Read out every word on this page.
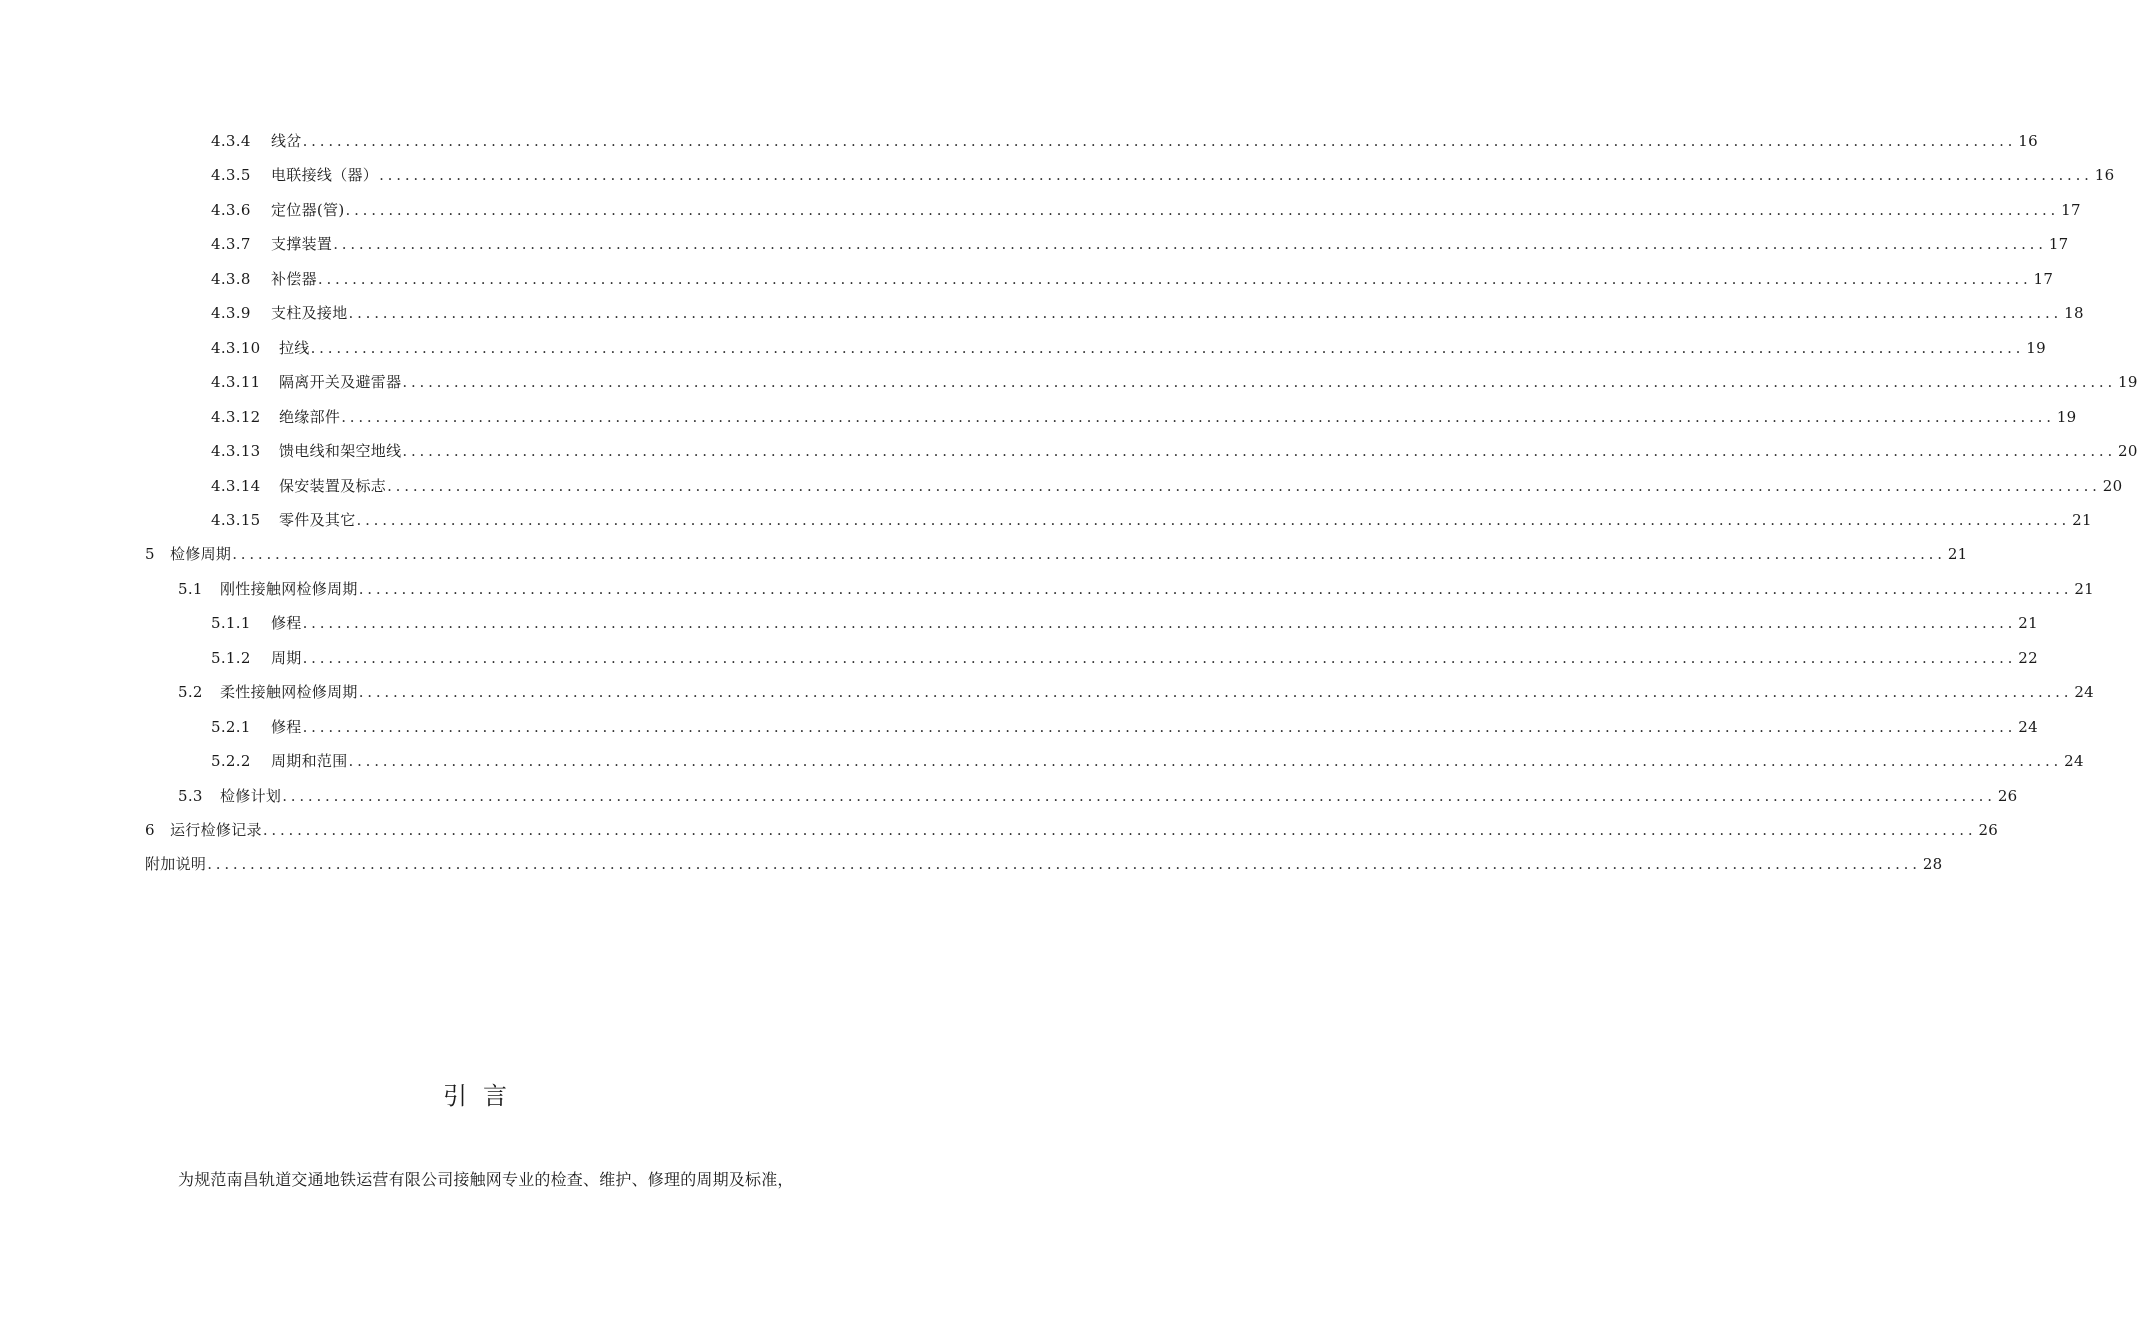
4.3.4	线岔 ........................................................................................................................................................................................................ 16
4.3.5	电联接线（器） ........................................................................................................................................................................................................ 16
4.3.6	定位器(管) ........................................................................................................................................................................................................ 17
4.3.7	支撑装置 ........................................................................................................................................................................................................ 17
4.3.8	补偿器 ........................................................................................................................................................................................................ 17
4.3.9	支柱及接地 ........................................................................................................................................................................................................ 18
4.3.10	拉线 ........................................................................................................................................................................................................ 19
4.3.11	隔离开关及避雷器 ........................................................................................................................................................................................................ 19
4.3.12	绝缘部件 ........................................................................................................................................................................................................ 19
4.3.13	馈电线和架空地线 ........................................................................................................................................................................................................ 20
4.3.14	保安装置及标志 ........................................................................................................................................................................................................ 20
4.3.15	零件及其它 ........................................................................................................................................................................................................ 21
5	检修周期 ........................................................................................................................................................................................................ 21
5.1	刚性接触网检修周期 ........................................................................................................................................................................................................ 21
5.1.1	修程 ........................................................................................................................................................................................................ 21
5.1.2	周期 ........................................................................................................................................................................................................ 22
5.2	柔性接触网检修周期 ........................................................................................................................................................................................................ 24
5.2.1	修程 ........................................................................................................................................................................................................ 24
5.2.2	周期和范围 ........................................................................................................................................................................................................ 24
5.3	检修计划 ........................................................................................................................................................................................................ 26
6	运行检修记录 ........................................................................................................................................................................................................ 26
附加说明 ........................................................................................................................................................................................................ 28
引言
为规范南昌轨道交通地铁运营有限公司接触网专业的检查、维护、修理的周期及标准，
